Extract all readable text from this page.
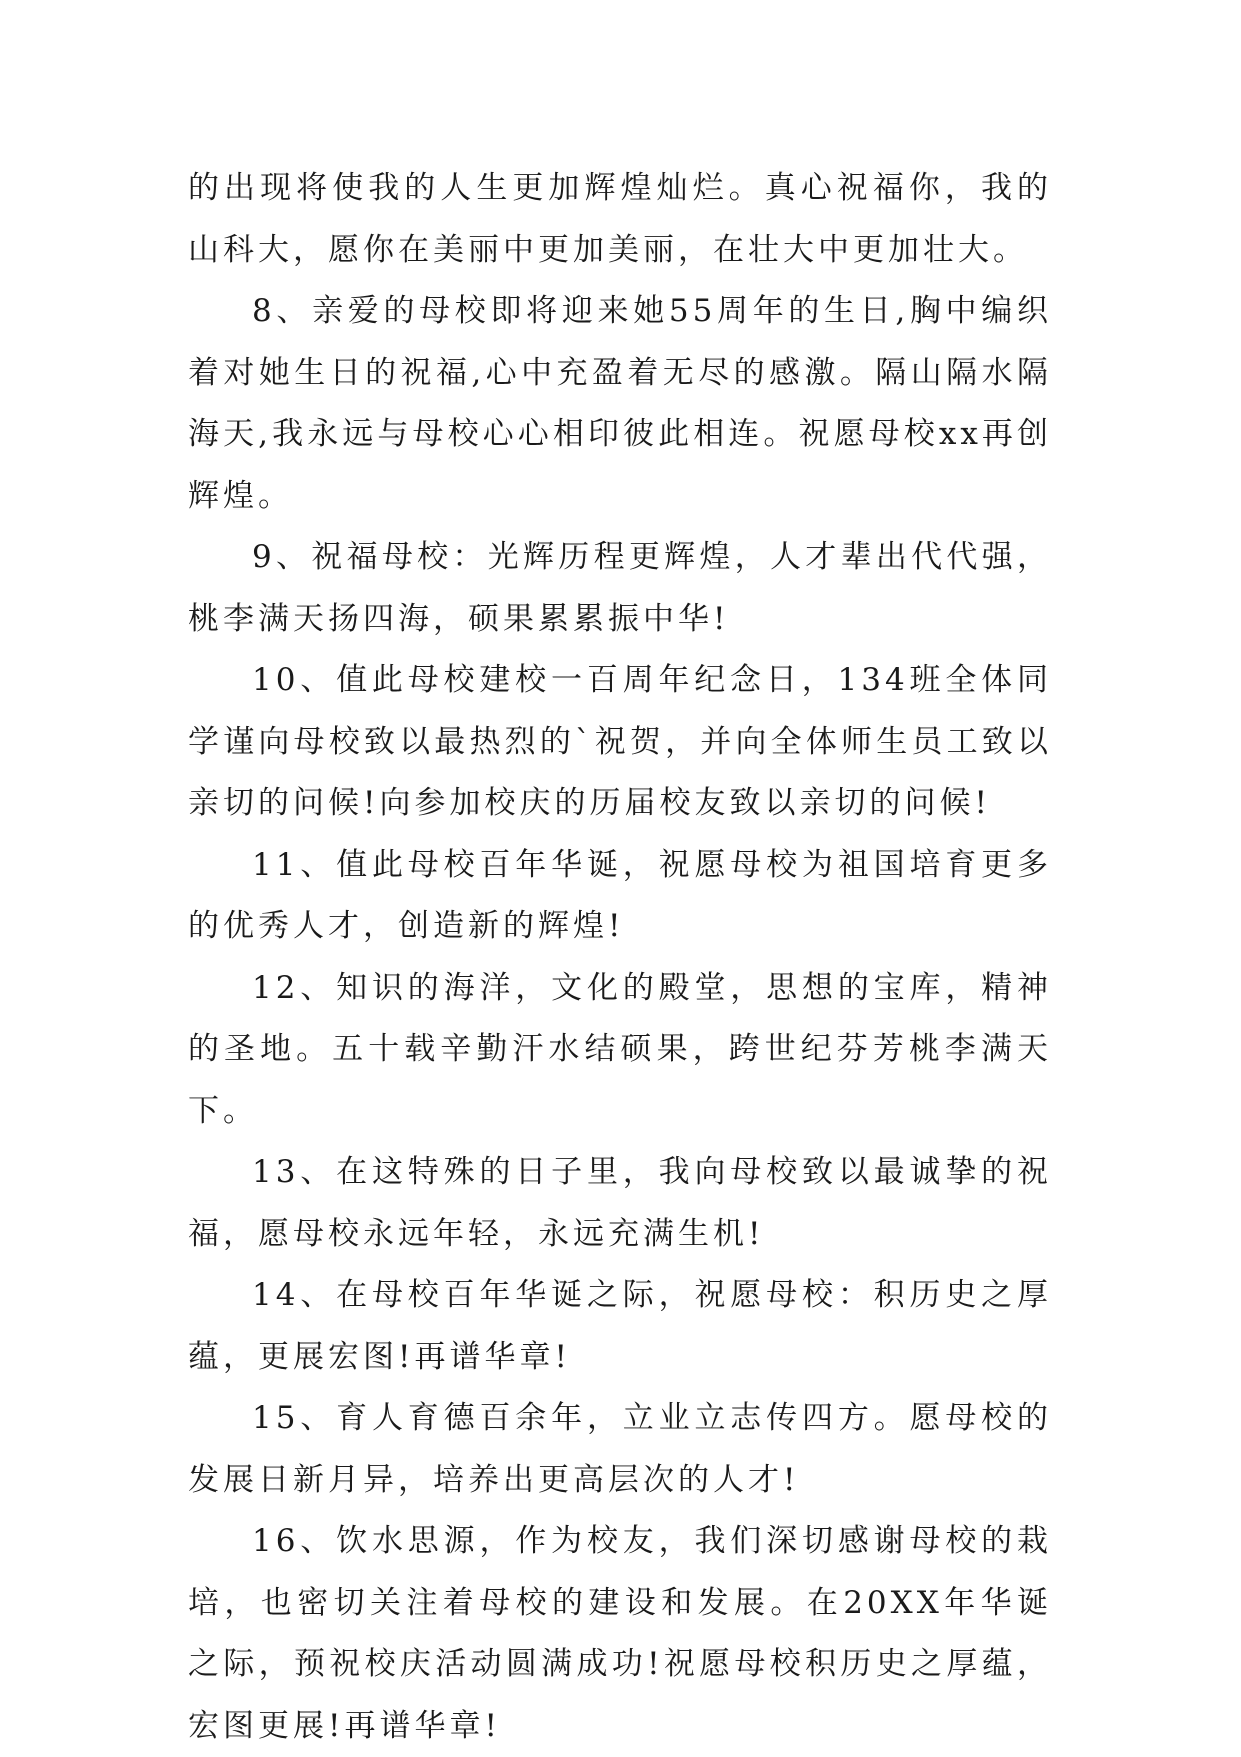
的出现将使我的人生更加辉煌灿烂。真心祝福你，我的山科大，愿你在美丽中更加美丽，在壮大中更加壮大。

8、亲爱的母校即将迎来她55周年的生日,胸中编织着对她生日的祝福,心中充盈着无尽的感激。隔山隔水隔海天,我永远与母校心心相印彼此相连。祝愿母校xx再创辉煌。

9、祝福母校：光辉历程更辉煌，人才辈出代代强，桃李满天扬四海，硕果累累振中华!

10、值此母校建校一百周年纪念日，134班全体同学谨向母校致以最热烈的`祝贺，并向全体师生员工致以亲切的问候!向参加校庆的历届校友致以亲切的问候!

11、值此母校百年华诞，祝愿母校为祖国培育更多的优秀人才，创造新的辉煌!

12、知识的海洋，文化的殿堂，思想的宝库，精神的圣地。五十载辛勤汗水结硕果，跨世纪芬芳桃李满天下。

13、在这特殊的日子里，我向母校致以最诚挚的祝福，愿母校永远年轻，永远充满生机!

14、在母校百年华诞之际，祝愿母校：积历史之厚蕴，更展宏图!再谱华章!

15、育人育德百余年，立业立志传四方。愿母校的发展日新月异，培养出更高层次的人才!

16、饮水思源，作为校友，我们深切感谢母校的栽培，也密切关注着母校的建设和发展。在20XX年华诞之际，预祝校庆活动圆满成功!祝愿母校积历史之厚蕴，宏图更展!再谱华章!
